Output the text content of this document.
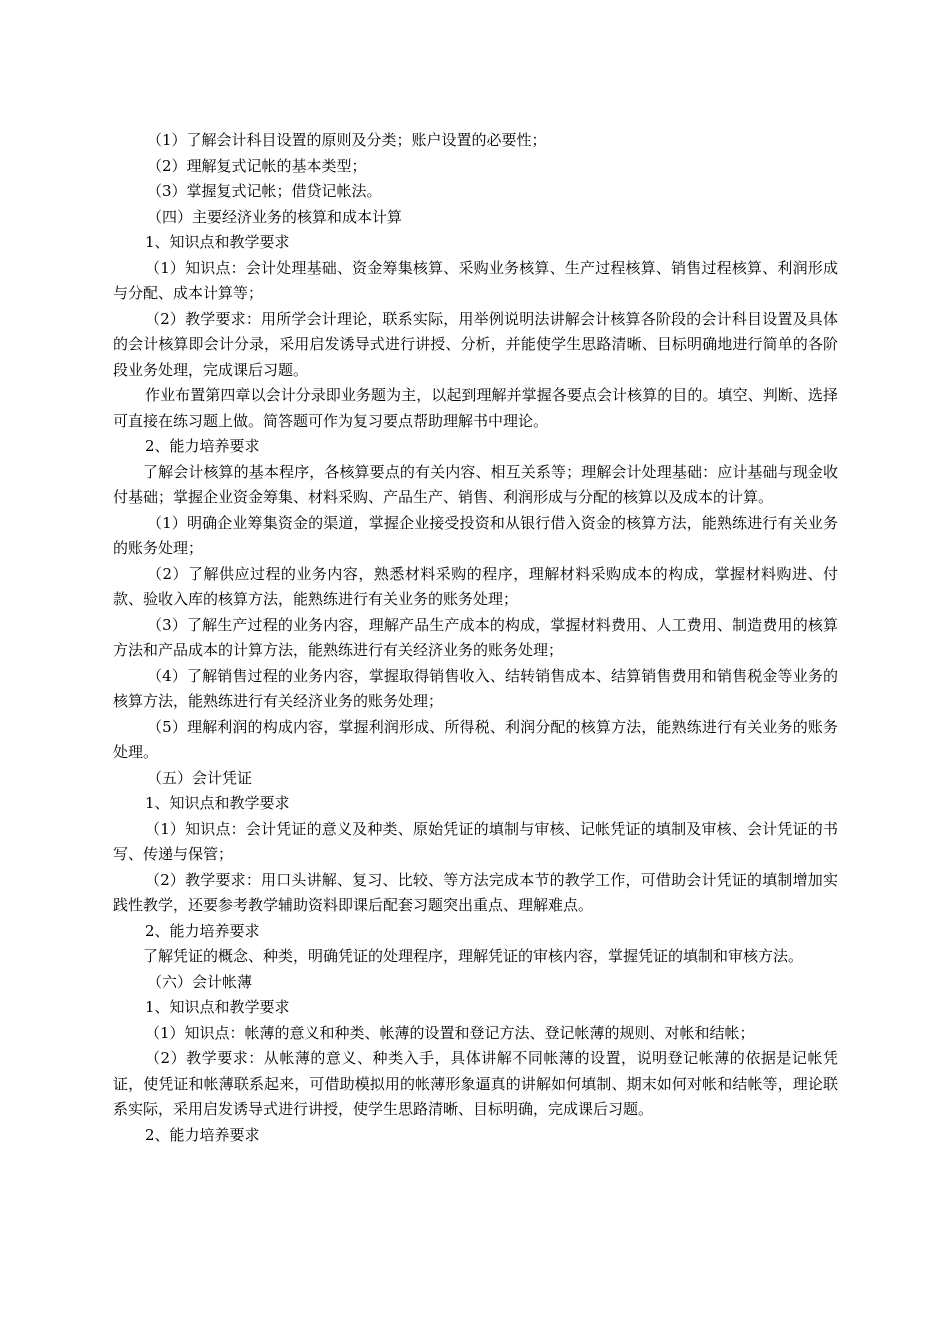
（1）了解会计科目设置的原则及分类；账户设置的必要性；

（2）理解复式记帐的基本类型；

（3）掌握复式记帐；借贷记帐法。

（四）主要经济业务的核算和成本计算

1、知识点和教学要求

（1）知识点：会计处理基础、资金筹集核算、采购业务核算、生产过程核算、销售过程核算、利润形成与分配、成本计算等；

（2）教学要求：用所学会计理论，联系实际，用举例说明法讲解会计核算各阶段的会计科目设置及具体的会计核算即会计分录，采用启发诱导式进行讲授、分析，并能使学生思路清晰、目标明确地进行简单的各阶段业务处理，完成课后习题。

作业布置第四章以会计分录即业务题为主，以起到理解并掌握各要点会计核算的目的。填空、判断、选择可直接在练习题上做。简答题可作为复习要点帮助理解书中理论。

2、能力培养要求

了解会计核算的基本程序，各核算要点的有关内容、相互关系等；理解会计处理基础：应计基础与现金收付基础；掌握企业资金筹集、材料采购、产品生产、销售、利润形成与分配的核算以及成本的计算。

（1）明确企业筹集资金的渠道，掌握企业接受投资和从银行借入资金的核算方法，能熟练进行有关业务的账务处理；

（2）了解供应过程的业务内容，熟悉材料采购的程序，理解材料采购成本的构成，掌握材料购进、付款、验收入库的核算方法，能熟练进行有关业务的账务处理；

（3）了解生产过程的业务内容，理解产品生产成本的构成，掌握材料费用、人工费用、制造费用的核算方法和产品成本的计算方法，能熟练进行有关经济业务的账务处理；

（4）了解销售过程的业务内容，掌握取得销售收入、结转销售成本、结算销售费用和销售税金等业务的核算方法，能熟练进行有关经济业务的账务处理；

（5）理解利润的构成内容，掌握利润形成、所得税、利润分配的核算方法，能熟练进行有关业务的账务处理。

（五）会计凭证

1、知识点和教学要求

（1）知识点：会计凭证的意义及种类、原始凭证的填制与审核、记帐凭证的填制及审核、会计凭证的书写、传递与保管；

（2）教学要求：用口头讲解、复习、比较、等方法完成本节的教学工作，可借助会计凭证的填制增加实践性教学，还要参考教学辅助资料即课后配套习题突出重点、理解难点。

2、能力培养要求

了解凭证的概念、种类，明确凭证的处理程序，理解凭证的审核内容，掌握凭证的填制和审核方法。

（六）会计帐薄

1、知识点和教学要求

（1）知识点：帐薄的意义和种类、帐薄的设置和登记方法、登记帐薄的规则、对帐和结帐；

（2）教学要求：从帐薄的意义、种类入手，具体讲解不同帐薄的设置，说明登记帐薄的依据是记帐凭证，使凭证和帐薄联系起来，可借助模拟用的帐薄形象逼真的讲解如何填制、期末如何对帐和结帐等，理论联系实际，采用启发诱导式进行讲授，使学生思路清晰、目标明确，完成课后习题。

2、能力培养要求
